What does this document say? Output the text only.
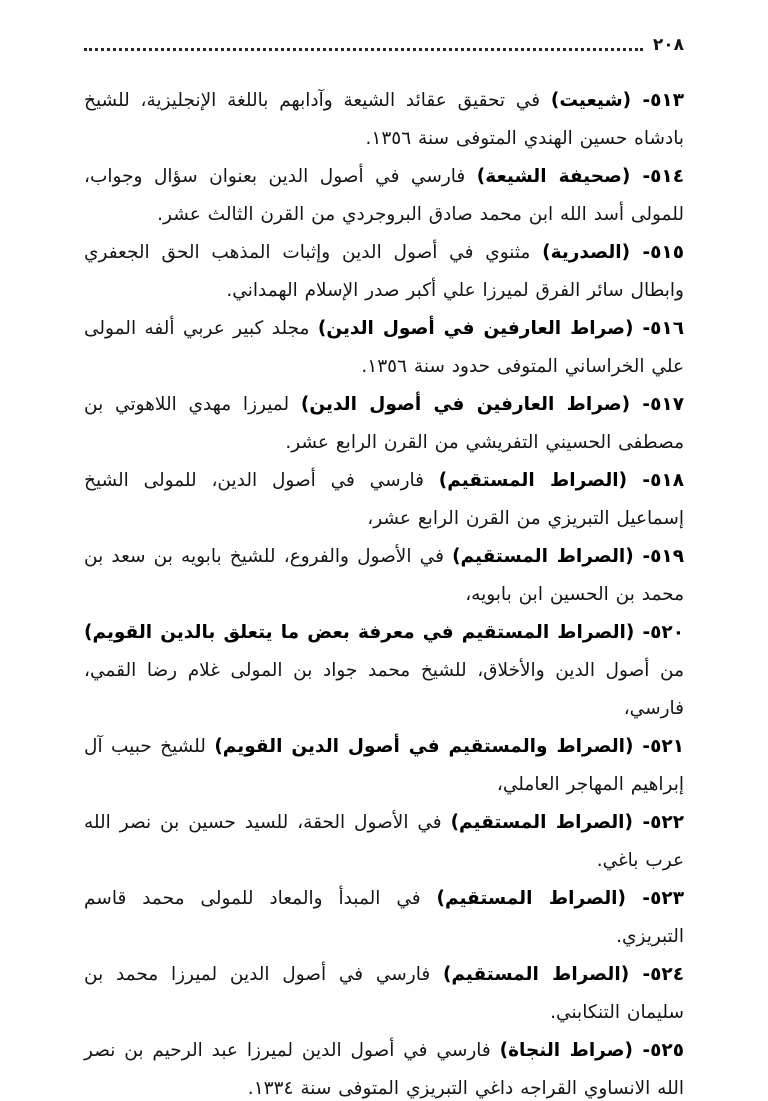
٢٠٨

٥١٣- (شيعيت) في تحقيق عقائد الشيعة وآدابهم باللغة الإنجليزية، للشيخ بادشاه حسين الهندي المتوفى سنة ١٣٥٦.

٥١٤- (صحيفة الشيعة) فارسي في أصول الدين بعنوان سؤال وجواب، للمولى أسد الله ابن محمد صادق البروجردي من القرن الثالث عشر.

٥١٥- (الصدرية) مثنوي في أصول الدين وإثبات المذهب الحق الجعفري وابطال سائر الفرق لميرزا علي أكبر صدر الإسلام الهمداني.

٥١٦- (صراط العارفين في أصول الدين) مجلد كبير عربي ألفه المولى علي الخراساني المتوفى حدود سنة ١٣٥٦.

٥١٧- (صراط العارفين في أصول الدين) لميرزا مهدي اللاهوتي بن مصطفى الحسيني التفريشي من القرن الرابع عشر.

٥١٨- (الصراط المستقيم) فارسي في أصول الدين، للمولى الشيخ إسماعيل التبريزي من القرن الرابع عشر،

٥١٩- (الصراط المستقيم) في الأصول والفروع، للشيخ بابويه بن سعد بن محمد بن الحسين ابن بابويه،

٥٢٠- (الصراط المستقيم في معرفة بعض ما يتعلق بالدين القويم) من أصول الدين والأخلاق، للشيخ محمد جواد بن المولى غلام رضا القمي، فارسي،

٥٢١- (الصراط والمستقيم في أصول الدين القويم) للشيخ حبيب آل إبراهيم المهاجر العاملي،

٥٢٢- (الصراط المستقيم) في الأصول الحقة، للسيد حسين بن نصر الله عرب باغي.

٥٢٣- (الصراط المستقيم) في المبدأ والمعاد للمولى محمد قاسم التبريزي.

٥٢٤- (الصراط المستقيم) فارسي في أصول الدين لميرزا محمد بن سليمان التنكابني.

٥٢٥- (صراط النجاة) فارسي في أصول الدين لميرزا عبد الرحيم بن نصر الله الانساوي القراجه داغي التبريزي المتوفى سنة ١٣٣٤.
